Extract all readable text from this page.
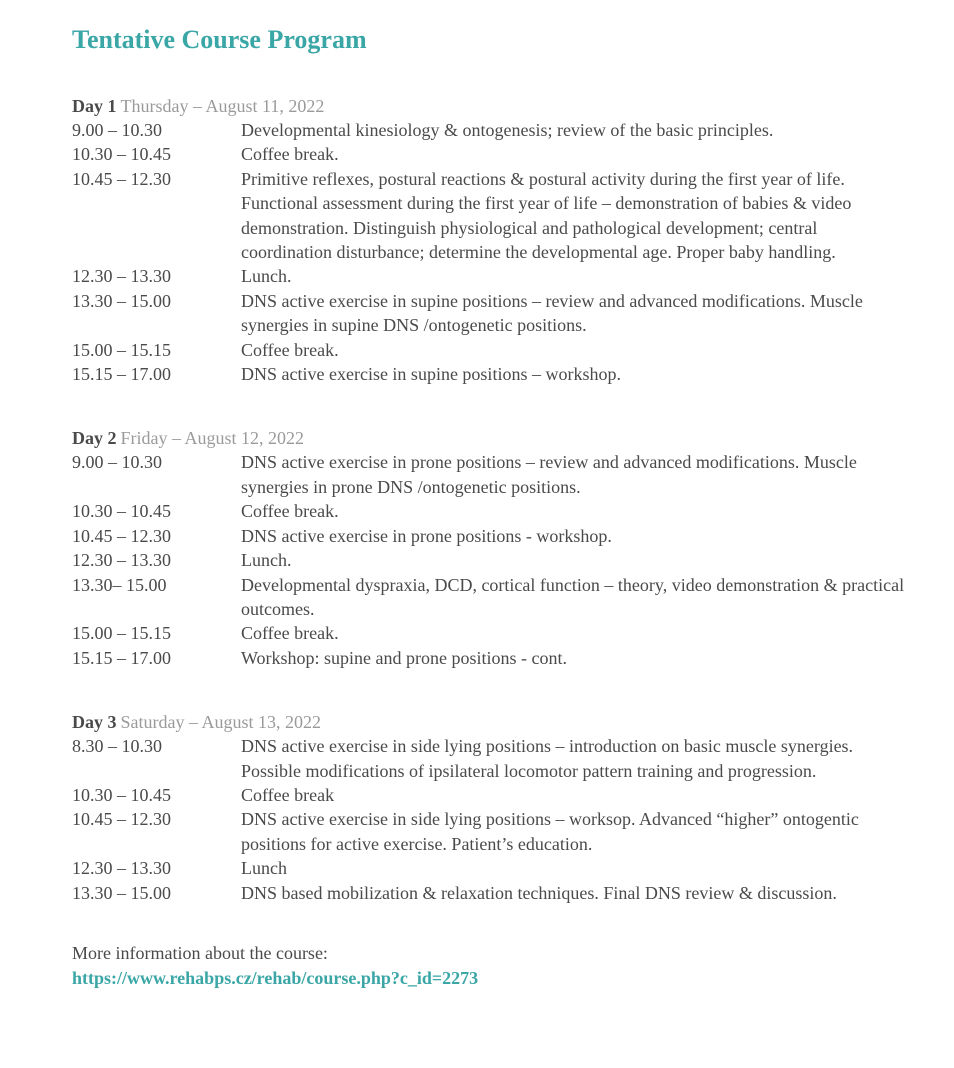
Tentative Course Program
Day 1 Thursday – August 11, 2022
9.00 – 10.30	Developmental kinesiology & ontogenesis; review of the basic principles.
10.30 – 10.45	Coffee break.
10.45 – 12.30	Primitive reflexes, postural reactions & postural activity during the first year of life. Functional assessment during the first year of life – demonstration of babies & video demonstration. Distinguish physiological and pathological development; central coordination disturbance; determine the developmental age. Proper baby handling.
12.30 – 13.30	Lunch.
13.30 – 15.00	DNS active exercise in supine positions – review and advanced modifications. Muscle synergies in supine DNS /ontogenetic positions.
15.00 – 15.15	Coffee break.
15.15 – 17.00	DNS active exercise in supine positions – workshop.
Day 2 Friday – August 12, 2022
9.00 – 10.30	DNS active exercise in prone positions – review and advanced modifications. Muscle synergies in prone DNS /ontogenetic positions.
10.30 – 10.45	Coffee break.
10.45 – 12.30	DNS active exercise in prone positions - workshop.
12.30 – 13.30	Lunch.
13.30– 15.00	Developmental dyspraxia, DCD, cortical function – theory, video demonstration & practical outcomes.
15.00 – 15.15	Coffee break.
15.15 – 17.00	Workshop: supine and prone positions - cont.
Day 3 Saturday – August 13, 2022
8.30 – 10.30	DNS active exercise in side lying positions – introduction on basic muscle synergies. Possible modifications of ipsilateral locomotor pattern training and progression.
10.30 – 10.45	Coffee break
10.45 – 12.30	DNS active exercise in side lying positions – worksop. Advanced “higher” ontogentic positions for active exercise. Patient’s education.
12.30 – 13.30	Lunch
13.30 – 15.00	DNS based mobilization & relaxation techniques. Final DNS review & discussion.
More information about the course:
https://www.rehabps.cz/rehab/course.php?c_id=2273
